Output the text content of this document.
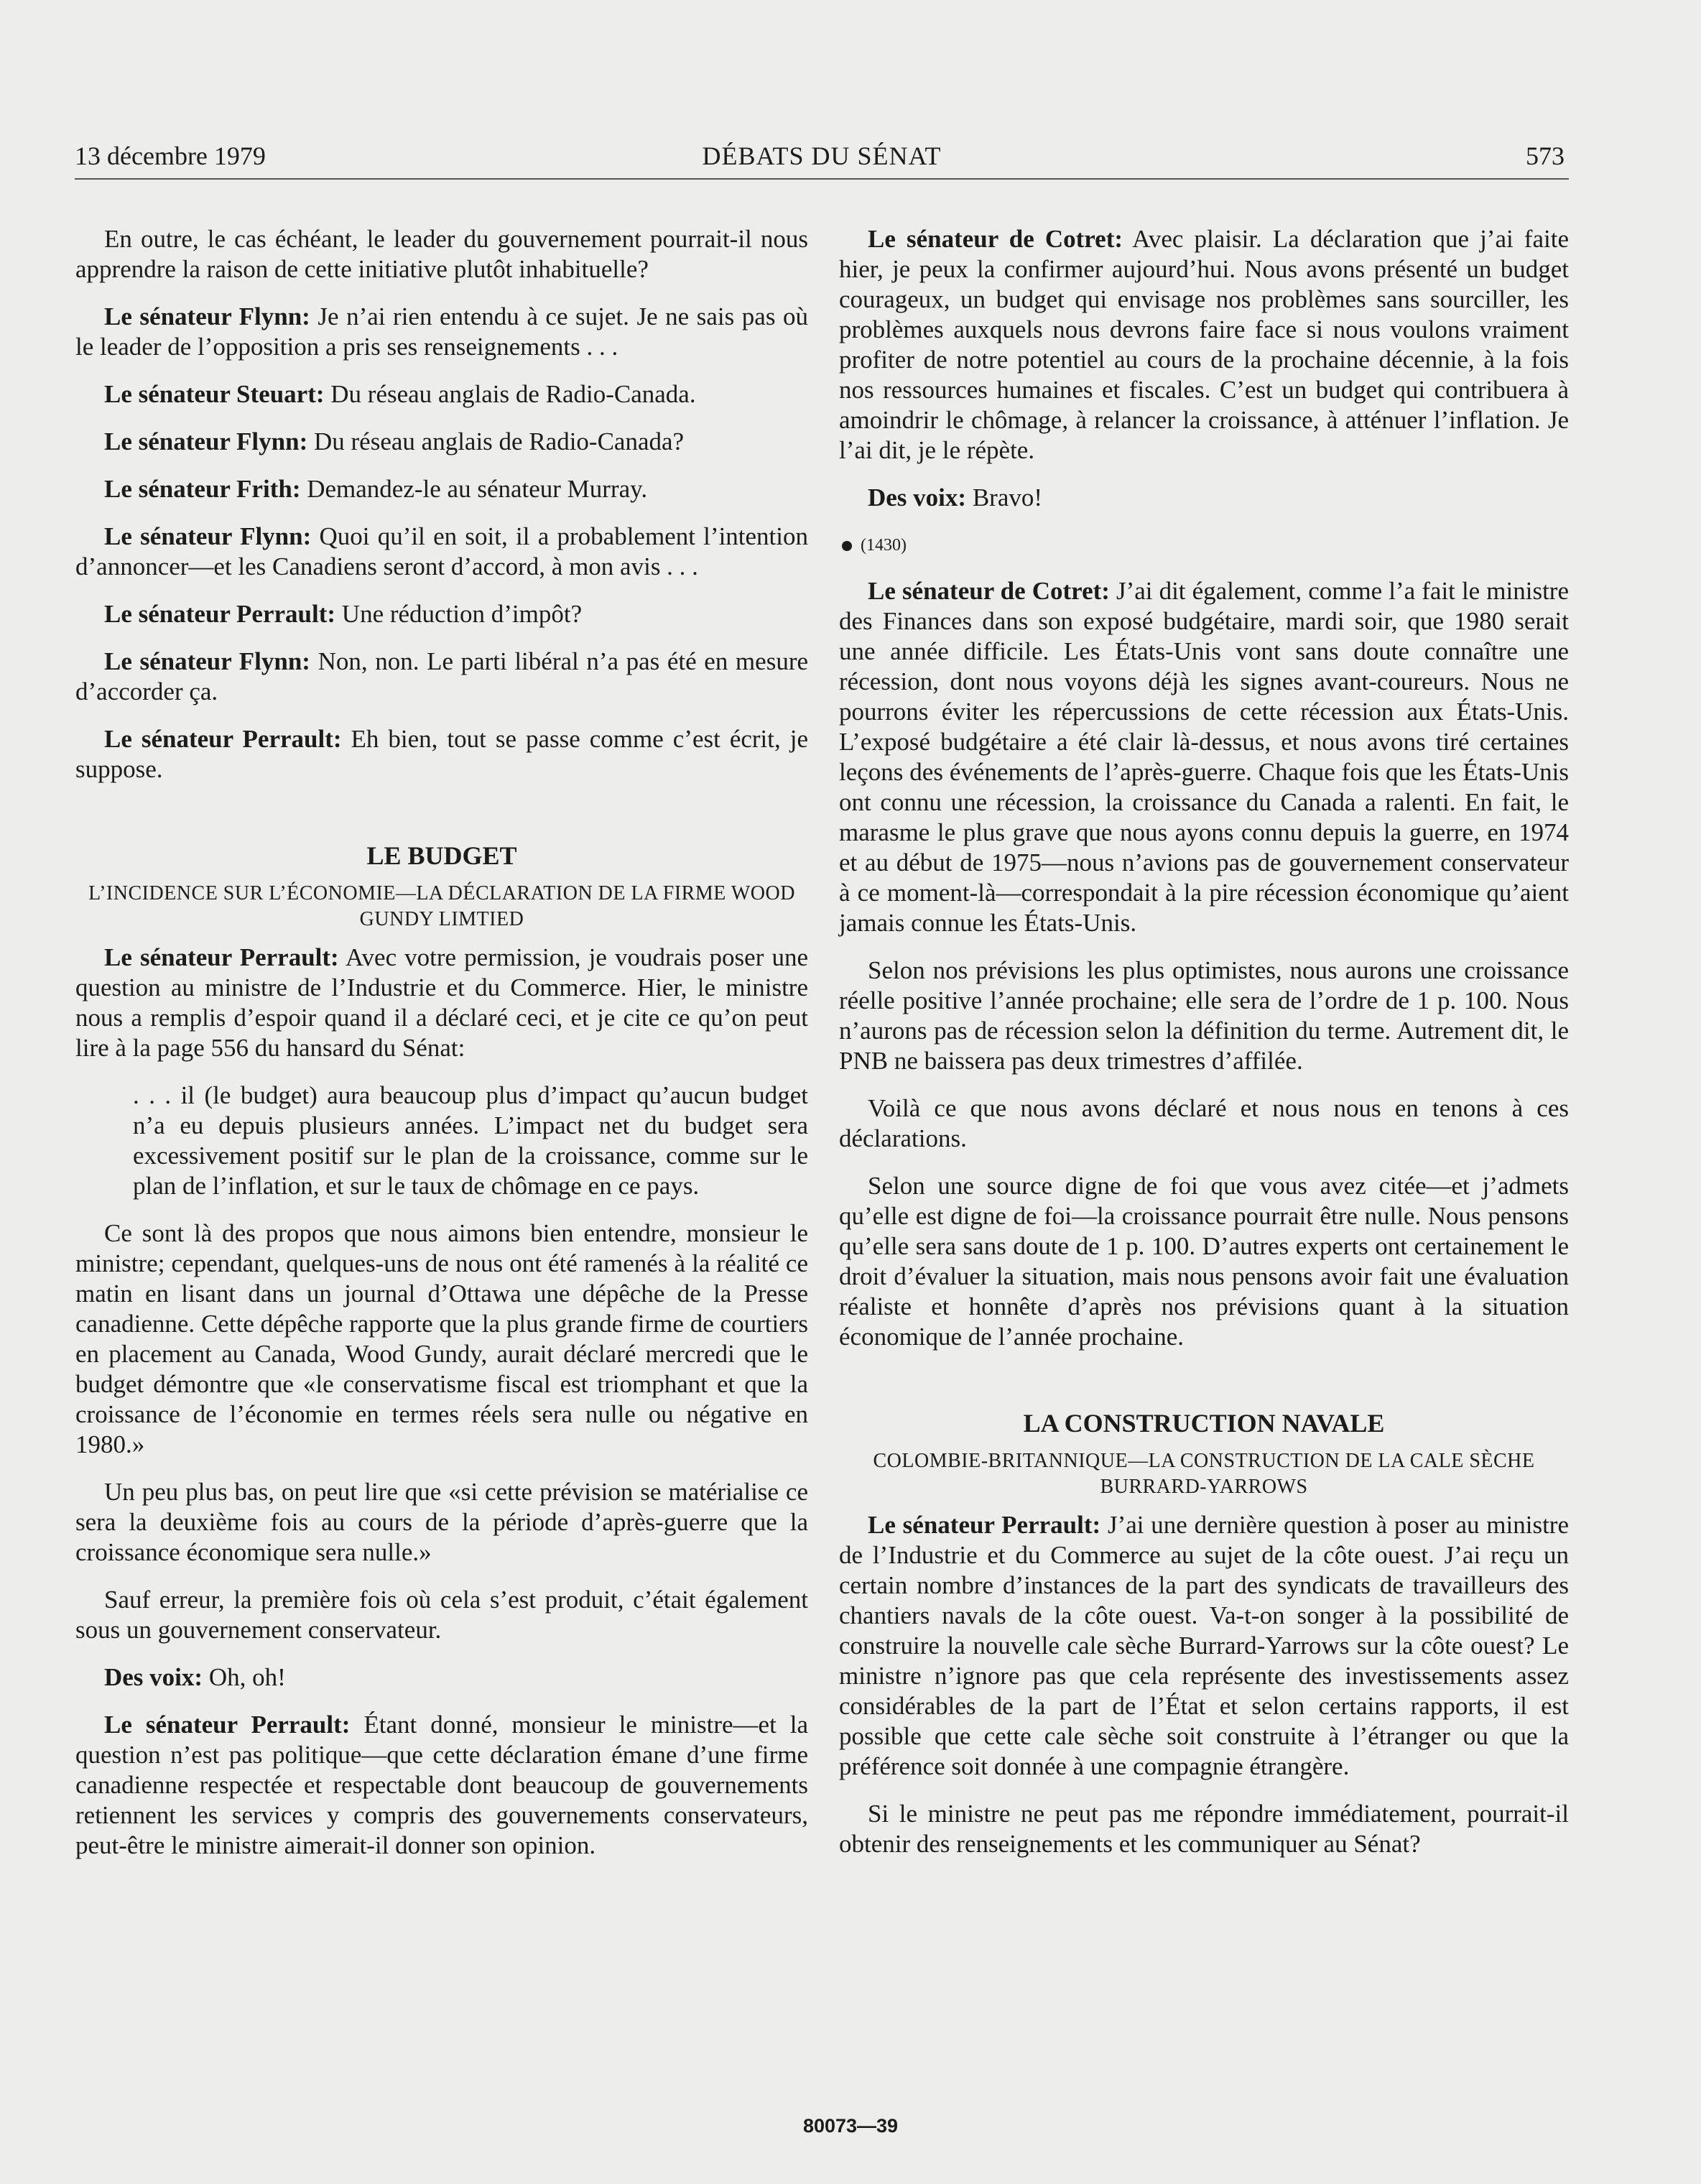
13 décembre 1979	DÉBATS DU SÉNAT	573

En outre, le cas échéant, le leader du gouvernement pourrait-il nous apprendre la raison de cette initiative plutôt inhabituelle?

Le sénateur Flynn: Je n’ai rien entendu à ce sujet. Je ne sais pas où le leader de l’opposition a pris ses renseignements . . .

Le sénateur Steuart: Du réseau anglais de Radio-Canada.

Le sénateur Flynn: Du réseau anglais de Radio-Canada?

Le sénateur Frith: Demandez-le au sénateur Murray.

Le sénateur Flynn: Quoi qu’il en soit, il a probablement l’intention d’annoncer—et les Canadiens seront d’accord, à mon avis . . .

Le sénateur Perrault: Une réduction d’impôt?

Le sénateur Flynn: Non, non. Le parti libéral n’a pas été en mesure d’accorder ça.

Le sénateur Perrault: Eh bien, tout se passe comme c’est écrit, je suppose.

LE BUDGET

L’INCIDENCE SUR L’ÉCONOMIE—LA DÉCLARATION DE LA FIRME WOOD GUNDY LIMTIED

Le sénateur Perrault: Avec votre permission, je voudrais poser une question au ministre de l’Industrie et du Commerce. Hier, le ministre nous a remplis d’espoir quand il a déclaré ceci, et je cite ce qu’on peut lire à la page 556 du hansard du Sénat:

. . . il (le budget) aura beaucoup plus d’impact qu’aucun budget n’a eu depuis plusieurs années. L’impact net du budget sera excessivement positif sur le plan de la croissance, comme sur le plan de l’inflation, et sur le taux de chômage en ce pays.

Ce sont là des propos que nous aimons bien entendre, monsieur le ministre; cependant, quelques-uns de nous ont été ramenés à la réalité ce matin en lisant dans un journal d’Ottawa une dépêche de la Presse canadienne. Cette dépêche rapporte que la plus grande firme de courtiers en placement au Canada, Wood Gundy, aurait déclaré mercredi que le budget démontre que «le conservatisme fiscal est triomphant et que la croissance de l’économie en termes réels sera nulle ou négative en 1980.»

Un peu plus bas, on peut lire que «si cette prévision se matérialise ce sera la deuxième fois au cours de la période d’après-guerre que la croissance économique sera nulle.»

Sauf erreur, la première fois où cela s’est produit, c’était également sous un gouvernement conservateur.

Des voix: Oh, oh!

Le sénateur Perrault: Étant donné, monsieur le ministre—et la question n’est pas politique—que cette déclaration émane d’une firme canadienne respectée et respectable dont beaucoup de gouvernements retiennent les services y compris des gouvernements conservateurs, peut-être le ministre aimerait-il donner son opinion.

Le sénateur de Cotret: Avec plaisir. La déclaration que j’ai faite hier, je peux la confirmer aujourd’hui. Nous avons présenté un budget courageux, un budget qui envisage nos problèmes sans sourciller, les problèmes auxquels nous devrons faire face si nous voulons vraiment profiter de notre potentiel au cours de la prochaine décennie, à la fois nos ressources humaines et fiscales. C’est un budget qui contribuera à amoindrir le chômage, à relancer la croissance, à atténuer l’inflation. Je l’ai dit, je le répète.

Des voix: Bravo!

(1430)

Le sénateur de Cotret: J’ai dit également, comme l’a fait le ministre des Finances dans son exposé budgétaire, mardi soir, que 1980 serait une année difficile. Les États-Unis vont sans doute connaître une récession, dont nous voyons déjà les signes avant-coureurs. Nous ne pourrons éviter les répercussions de cette récession aux États-Unis. L’exposé budgétaire a été clair là-dessus, et nous avons tiré certaines leçons des événements de l’après-guerre. Chaque fois que les États-Unis ont connu une récession, la croissance du Canada a ralenti. En fait, le marasme le plus grave que nous ayons connu depuis la guerre, en 1974 et au début de 1975—nous n’avions pas de gouvernement conservateur à ce moment-là—correspondait à la pire récession économique qu’aient jamais connue les États-Unis.

Selon nos prévisions les plus optimistes, nous aurons une croissance réelle positive l’année prochaine; elle sera de l’ordre de 1 p. 100. Nous n’aurons pas de récession selon la définition du terme. Autrement dit, le PNB ne baissera pas deux trimestres d’affilée.

Voilà ce que nous avons déclaré et nous nous en tenons à ces déclarations.

Selon une source digne de foi que vous avez citée—et j’admets qu’elle est digne de foi—la croissance pourrait être nulle. Nous pensons qu’elle sera sans doute de 1 p. 100. D’autres experts ont certainement le droit d’évaluer la situation, mais nous pensons avoir fait une évaluation réaliste et honnête d’après nos prévisions quant à la situation économique de l’année prochaine.

LA CONSTRUCTION NAVALE

COLOMBIE-BRITANNIQUE—LA CONSTRUCTION DE LA CALE SÈCHE BURRARD-YARROWS

Le sénateur Perrault: J’ai une dernière question à poser au ministre de l’Industrie et du Commerce au sujet de la côte ouest. J’ai reçu un certain nombre d’instances de la part des syndicats de travailleurs des chantiers navals de la côte ouest. Va-t-on songer à la possibilité de construire la nouvelle cale sèche Burrard-Yarrows sur la côte ouest? Le ministre n’ignore pas que cela représente des investissements assez considérables de la part de l’État et selon certains rapports, il est possible que cette cale sèche soit construite à l’étranger ou que la préférence soit donnée à une compagnie étrangère.

Si le ministre ne peut pas me répondre immédiatement, pourrait-il obtenir des renseignements et les communiquer au Sénat?

80073—39
